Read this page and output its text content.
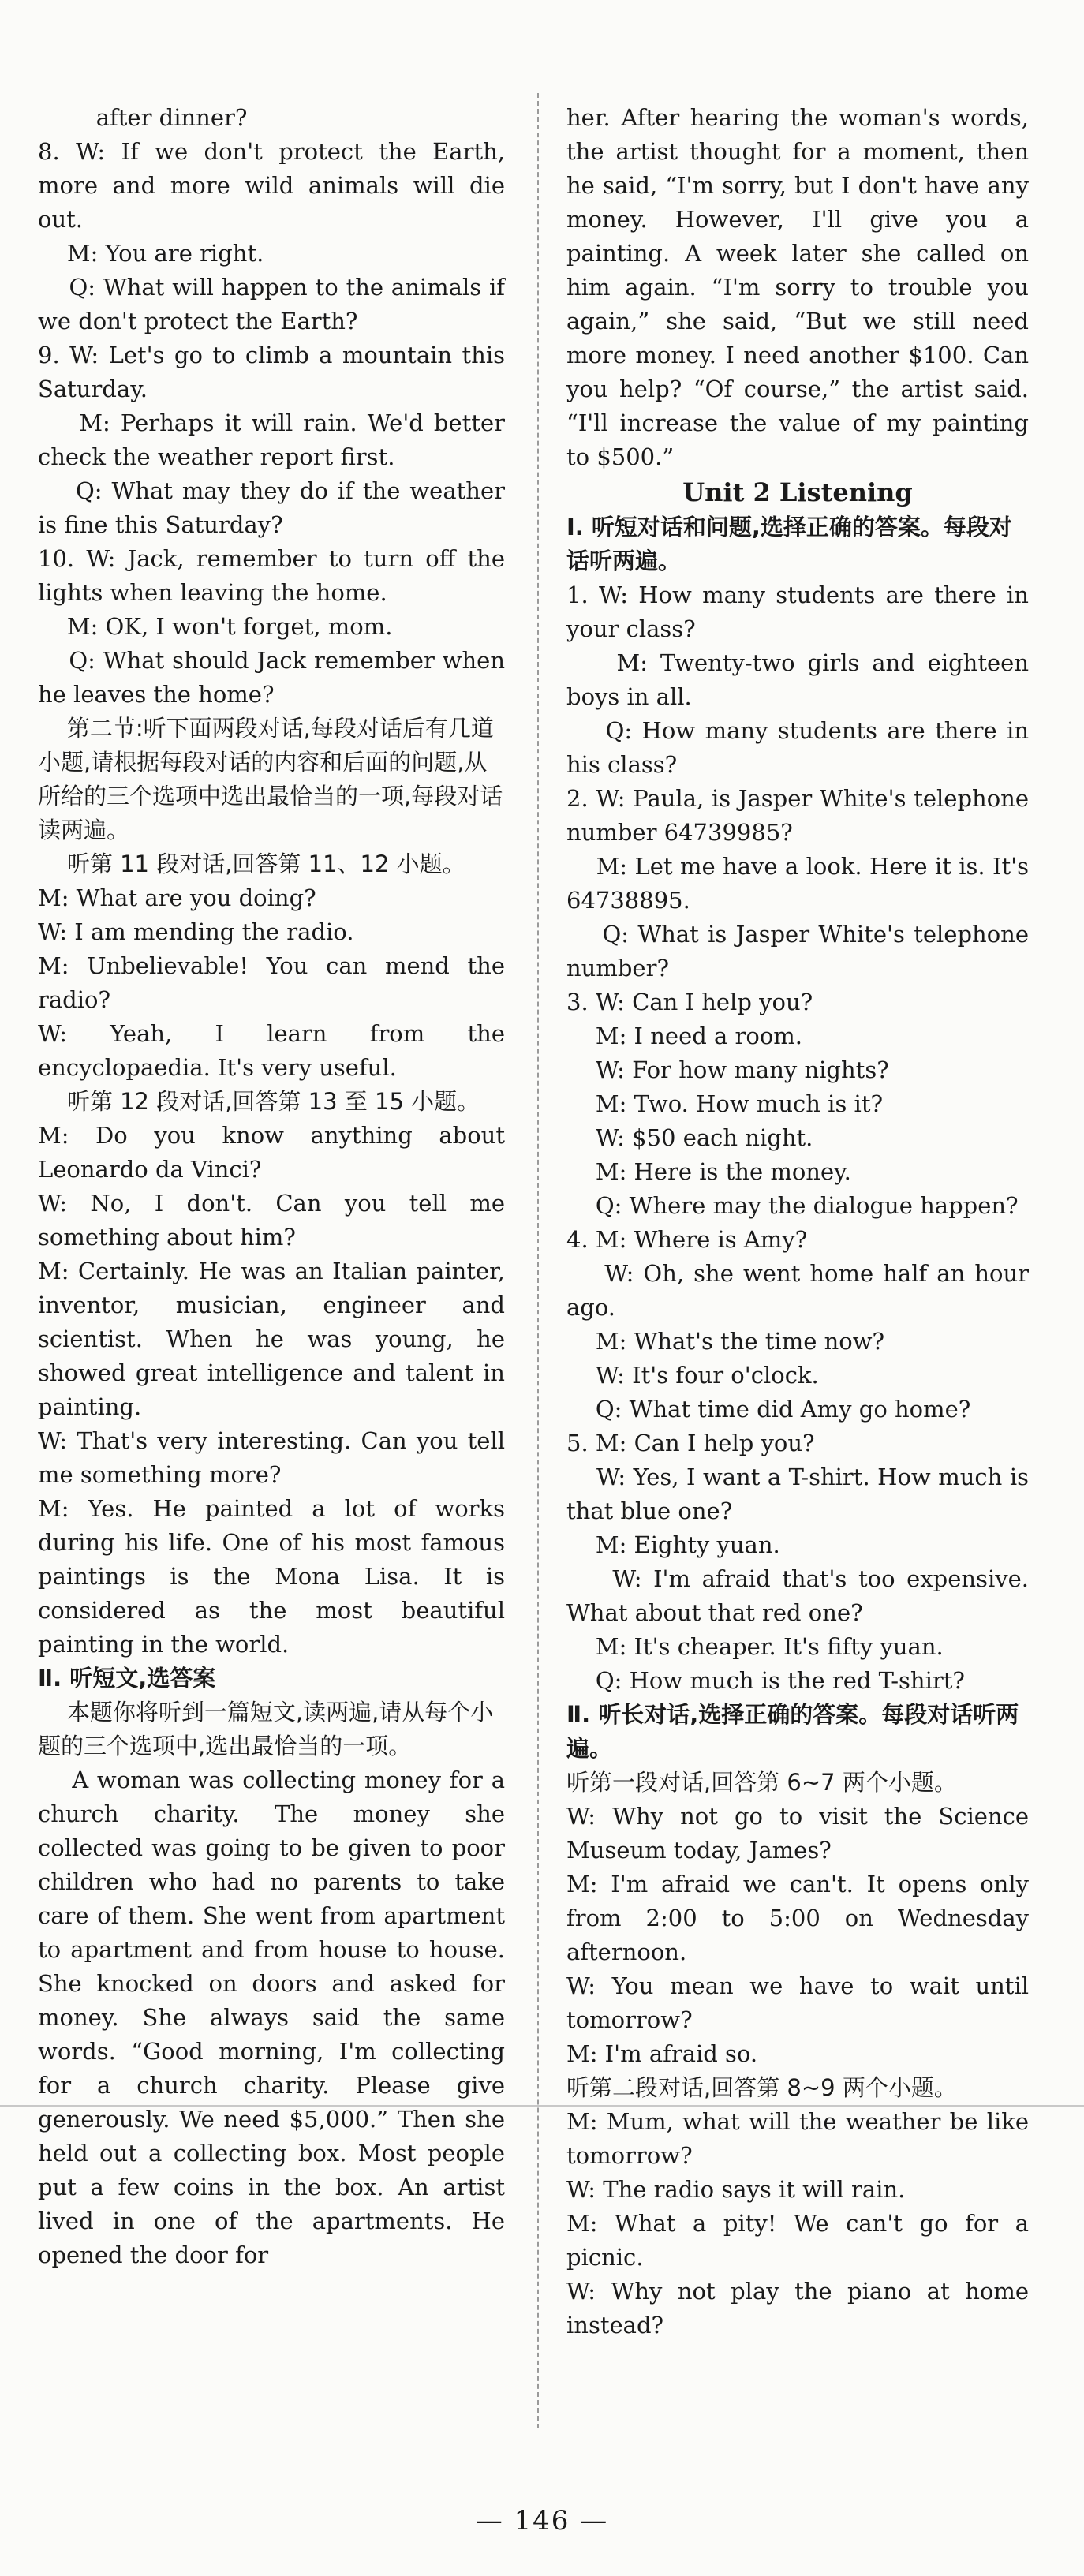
after dinner?

8. W: If we don't protect the Earth, more and more wild animals will die out.

M: You are right.

Q: What will happen to the animals if we don't protect the Earth?

9. W: Let's go to climb a mountain this Saturday.

M: Perhaps it will rain. We'd better check the weather report first.

Q: What may they do if the weather is fine this Saturday?

10. W: Jack, remember to turn off the lights when leaving the home.

M: OK, I won't forget, mom.

Q: What should Jack remember when he leaves the home?

第二节:听下面两段对话,每段对话后有几道小题,请根据每段对话的内容和后面的问题,从所给的三个选项中选出最恰当的一项,每段对话读两遍。

听第 11 段对话,回答第 11、12 小题。

M: What are you doing?

W: I am mending the radio.

M: Unbelievable! You can mend the radio?

W: Yeah, I learn from the encyclopaedia. It's very useful.

听第 12 段对话,回答第 13 至 15 小题。

M: Do you know anything about Leonardo da Vinci?

W: No, I don't. Can you tell me something about him?

M: Certainly. He was an Italian painter, inventor, musician, engineer and scientist. When he was young, he showed great intelligence and talent in painting.

W: That's very interesting. Can you tell me something more?

M: Yes. He painted a lot of works during his life. One of his most famous paintings is the Mona Lisa. It is considered as the most beautiful painting in the world.

Ⅱ. 听短文,选答案

本题你将听到一篇短文,读两遍,请从每个小题的三个选项中,选出最恰当的一项。

A woman was collecting money for a church charity. The money she collected was going to be given to poor children who had no parents to take care of them. She went from apartment to apartment and from house to house. She knocked on doors and asked for money. She always said the same words. “Good morning, I'm collecting for a church charity. Please give generously. We need $5,000.” Then she held out a collecting box. Most people put a few coins in the box. An artist lived in one of the apartments. He opened the door for

her. After hearing the woman's words, the artist thought for a moment, then he said, “I'm sorry, but I don't have any money. However, I'll give you a painting. A week later she called on him again. “I'm sorry to trouble you again,” she said, “But we still need more money. I need another $100. Can you help? “Of course,” the artist said. “I'll increase the value of my painting to $500.”

Unit 2 Listening

Ⅰ. 听短对话和问题,选择正确的答案。每段对话听两遍。

1. W: How many students are there in your class?

M: Twenty-two girls and eighteen boys in all.

Q: How many students are there in his class?

2. W: Paula, is Jasper White's telephone number 64739985?

M: Let me have a look. Here it is. It's 64738895.

Q: What is Jasper White's telephone number?

3. W: Can I help you?

M: I need a room.

W: For how many nights?

M: Two. How much is it?

W: $50 each night.

M: Here is the money.

Q: Where may the dialogue happen?

4. M: Where is Amy?

W: Oh, she went home half an hour ago.

M: What's the time now?

W: It's four o'clock.

Q: What time did Amy go home?

5. M: Can I help you?

W: Yes, I want a T-shirt. How much is that blue one?

M: Eighty yuan.

W: I'm afraid that's too expensive. What about that red one?

M: It's cheaper. It's fifty yuan.

Q: How much is the red T-shirt?

Ⅱ. 听长对话,选择正确的答案。每段对话听两遍。

听第一段对话,回答第 6~7 两个小题。

W: Why not go to visit the Science Museum today, James?

M: I'm afraid we can't. It opens only from 2:00 to 5:00 on Wednesday afternoon.

W: You mean we have to wait until tomorrow?

M: I'm afraid so.

听第二段对话,回答第 8~9 两个小题。

M: Mum, what will the weather be like tomorrow?

W: The radio says it will rain.

M: What a pity! We can't go for a picnic.

W: Why not play the piano at home instead?

— 146 —
